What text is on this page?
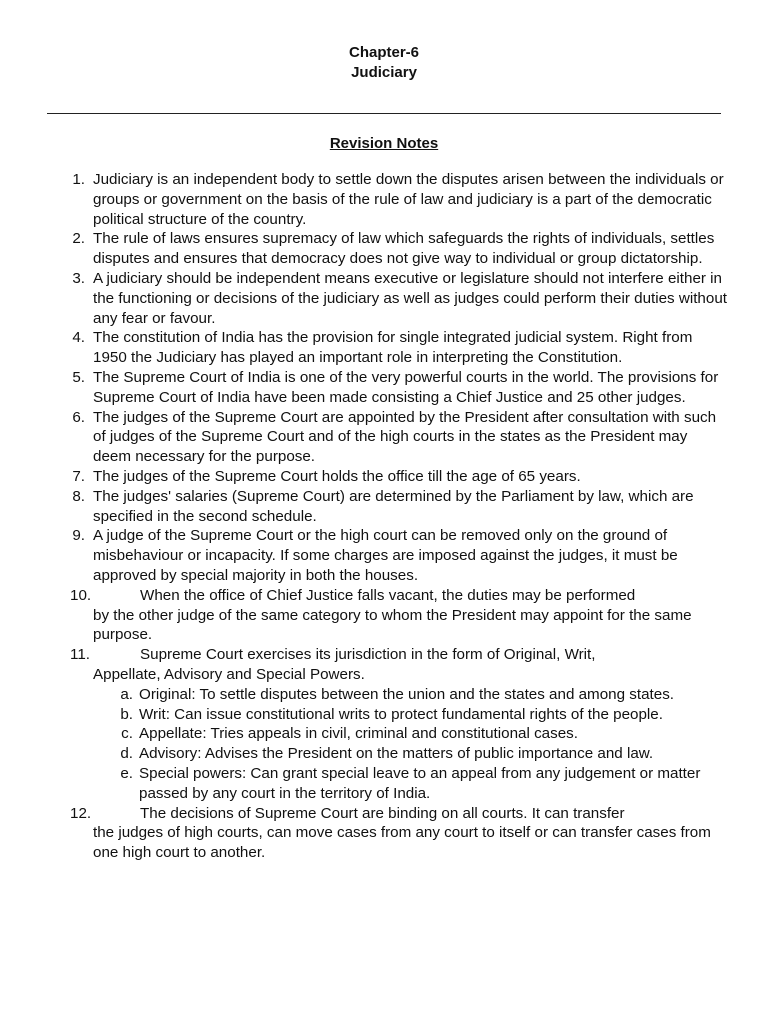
Chapter-6
Judiciary
Revision Notes
1. Judiciary is an independent body to settle down the disputes arisen between the individuals or groups or government on the basis of the rule of law and judiciary is a part of the democratic political structure of the country.
2. The rule of laws ensures supremacy of law which safeguards the rights of individuals, settles disputes and ensures that democracy does not give way to individual or group dictatorship.
3. A judiciary should be independent means executive or legislature should not interfere either in the functioning or decisions of the judiciary as well as judges could perform their duties without any fear or favour.
4. The constitution of India has the provision for single integrated judicial system. Right from 1950 the Judiciary has played an important role in interpreting the Constitution.
5. The Supreme Court of India is one of the very powerful courts in the world. The provisions for Supreme Court of India have been made consisting a Chief Justice and 25 other judges.
6. The judges of the Supreme Court are appointed by the President after consultation with such of judges of the Supreme Court and of the high courts in the states as the President may deem necessary for the purpose.
7. The judges of the Supreme Court holds the office till the age of 65 years.
8. The judges' salaries (Supreme Court) are determined by the Parliament by law, which are specified in the second schedule.
9. A judge of the Supreme Court or the high court can be removed only on the ground of misbehaviour or incapacity. If some charges are imposed against the judges, it must be approved by special majority in both the houses.
10.	When the office of Chief Justice falls vacant, the duties may be performed
by the other judge of the same category to whom the President may appoint for the same purpose.
11.	Supreme Court exercises its jurisdiction in the form of Original, Writ,
Appellate, Advisory and Special Powers.
a. Original: To settle disputes between the union and the states and among states.
b. Writ: Can issue constitutional writs to protect fundamental rights of the people.
c. Appellate: Tries appeals in civil, criminal and constitutional cases.
d. Advisory: Advises the President on the matters of public importance and law.
e. Special powers: Can grant special leave to an appeal from any judgement or matter passed by any court in the territory of India.
12.	The decisions of Supreme Court are binding on all courts. It can transfer
the judges of high courts, can move cases from any court to itself or can transfer cases from one high court to another.
